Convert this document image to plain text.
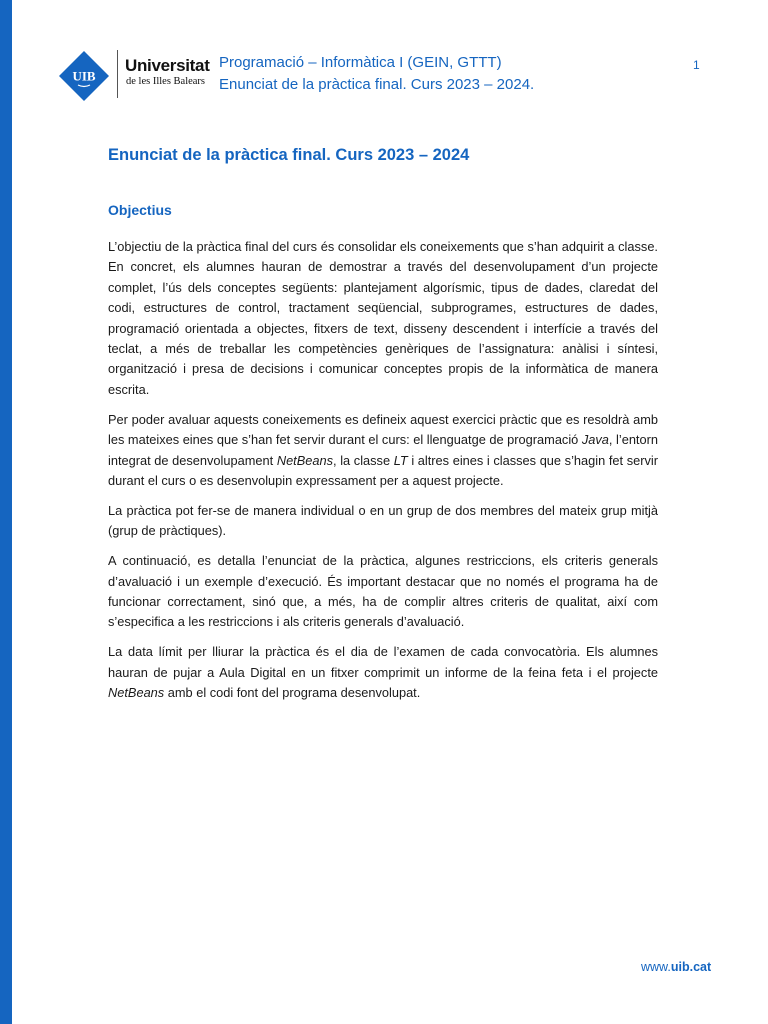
UIB
Universitat
de les Illes Balears
Programació – Informàtica I (GEIN, GTTT)
Enunciat de la pràctica final. Curs 2023 – 2024.
1
Enunciat de la pràctica final. Curs 2023 – 2024
Objectius

L’objectiu de la pràctica final del curs és consolidar els coneixements que s’han adquirit a classe. En concret, els alumnes hauran de demostrar a través del desenvolupament d’un projecte complet, l’ús dels conceptes següents: plantejament algorísmic, tipus de dades, claredat del codi, estructures de control, tractament seqüencial, subprogrames, estructures de dades, programació orientada a objectes, fitxers de text, disseny descendent i interfície a través del teclat, a més de treballar les competències genèriques de l’assignatura: anàlisi i síntesi, organització i presa de decisions i comunicar conceptes propis de la informàtica de manera escrita.

Per poder avaluar aquests coneixements es defineix aquest exercici pràctic que es resoldrà amb les mateixes eines que s’han fet servir durant el curs: el llenguatge de programació Java, l’entorn integrat de desenvolupament NetBeans, la classe LT i altres eines i classes que s’hagin fet servir durant el curs o es desenvolupin expressament per a aquest projecte.

La pràctica pot fer-se de manera individual o en un grup de dos membres del mateix grup mitjà (grup de pràctiques).

A continuació, es detalla l’enunciat de la pràctica, algunes restriccions, els criteris generals d’avaluació i un exemple d’execució. És important destacar que no només el programa ha de funcionar correctament, sinó que, a més, ha de complir altres criteris de qualitat, així com s’especifica a les restriccions i als criteris generals d’avaluació.

La data límit per lliurar la pràctica és el dia de l’examen de cada convocatòria. Els alumnes hauran de pujar a Aula Digital en un fitxer comprimit un informe de la feina feta i el projecte NetBeans amb el codi font del programa desenvolupat.

www.uib.cat
